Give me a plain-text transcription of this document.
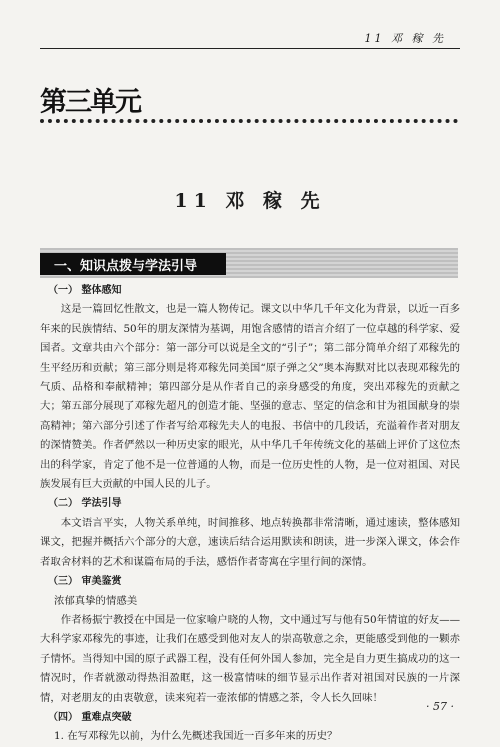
11 邓 稼 先
第三单元
11 邓 稼 先
一、知识点拨与学法引导
（一） 整体感知

这是一篇回忆性散文，也是一篇人物传记。课文以中华几千年文化为背景，以近一百多年来的民族情结、50年的朋友深情为基调，用饱含感情的语言介绍了一位卓越的科学家、爱国者。文章共由六个部分：第一部分可以说是全文的“引子”；第二部分简单介绍了邓稼先的生平经历和贡献；第三部分则是将邓稼先同美国“原子弹之父”奥本海默对比以表现邓稼先的气质、品格和奉献精神；第四部分是从作者自己的亲身感受的角度，突出邓稼先的贡献之大；第五部分展现了邓稼先超凡的创造才能、坚强的意志、坚定的信念和甘为祖国献身的崇高精神；第六部分引述了作者写给邓稼先夫人的电报、书信中的几段话，充溢着作者对朋友的深情赞美。作者俨然以一种历史家的眼光，从中华几千年传统文化的基础上评价了这位杰出的科学家，肯定了他不是一位普通的人物，而是一位历史性的人物，是一位对祖国、对民族发展有巨大贡献的中国人民的儿子。

（二） 学法引导

本文语言平实，人物关系单纯，时间推移、地点转换都非常清晰，通过速读，整体感知课文，把握并概括六个部分的大意，速读后结合运用默读和朗读，进一步深入课文，体会作者取舍材料的艺术和谋篇布局的手法，感悟作者寄寓在字里行间的深情。

（三） 审美鉴赏

浓郁真挚的情感美

作者杨振宁教授在中国是一位家喻户晓的人物，文中通过写与他有50年情谊的好友——大科学家邓稼先的事迹，让我们在感受到他对友人的崇高敬意之余，更能感受到他的一颗赤子情怀。当得知中国的原子武器工程，没有任何外国人参加，完全是自力更生搞成功的这一情况时，作者就激动得热泪盈眶，这一极富情味的细节显示出作者对祖国对民族的一片深情，对老朋友的由衷敬意，读来宛若一壶浓郁的情感之茶，令人长久回味！

（四） 重难点突破

1. 在写邓稼先以前，为什么先概述我国近一百多年来的历史？

· 57 ·
